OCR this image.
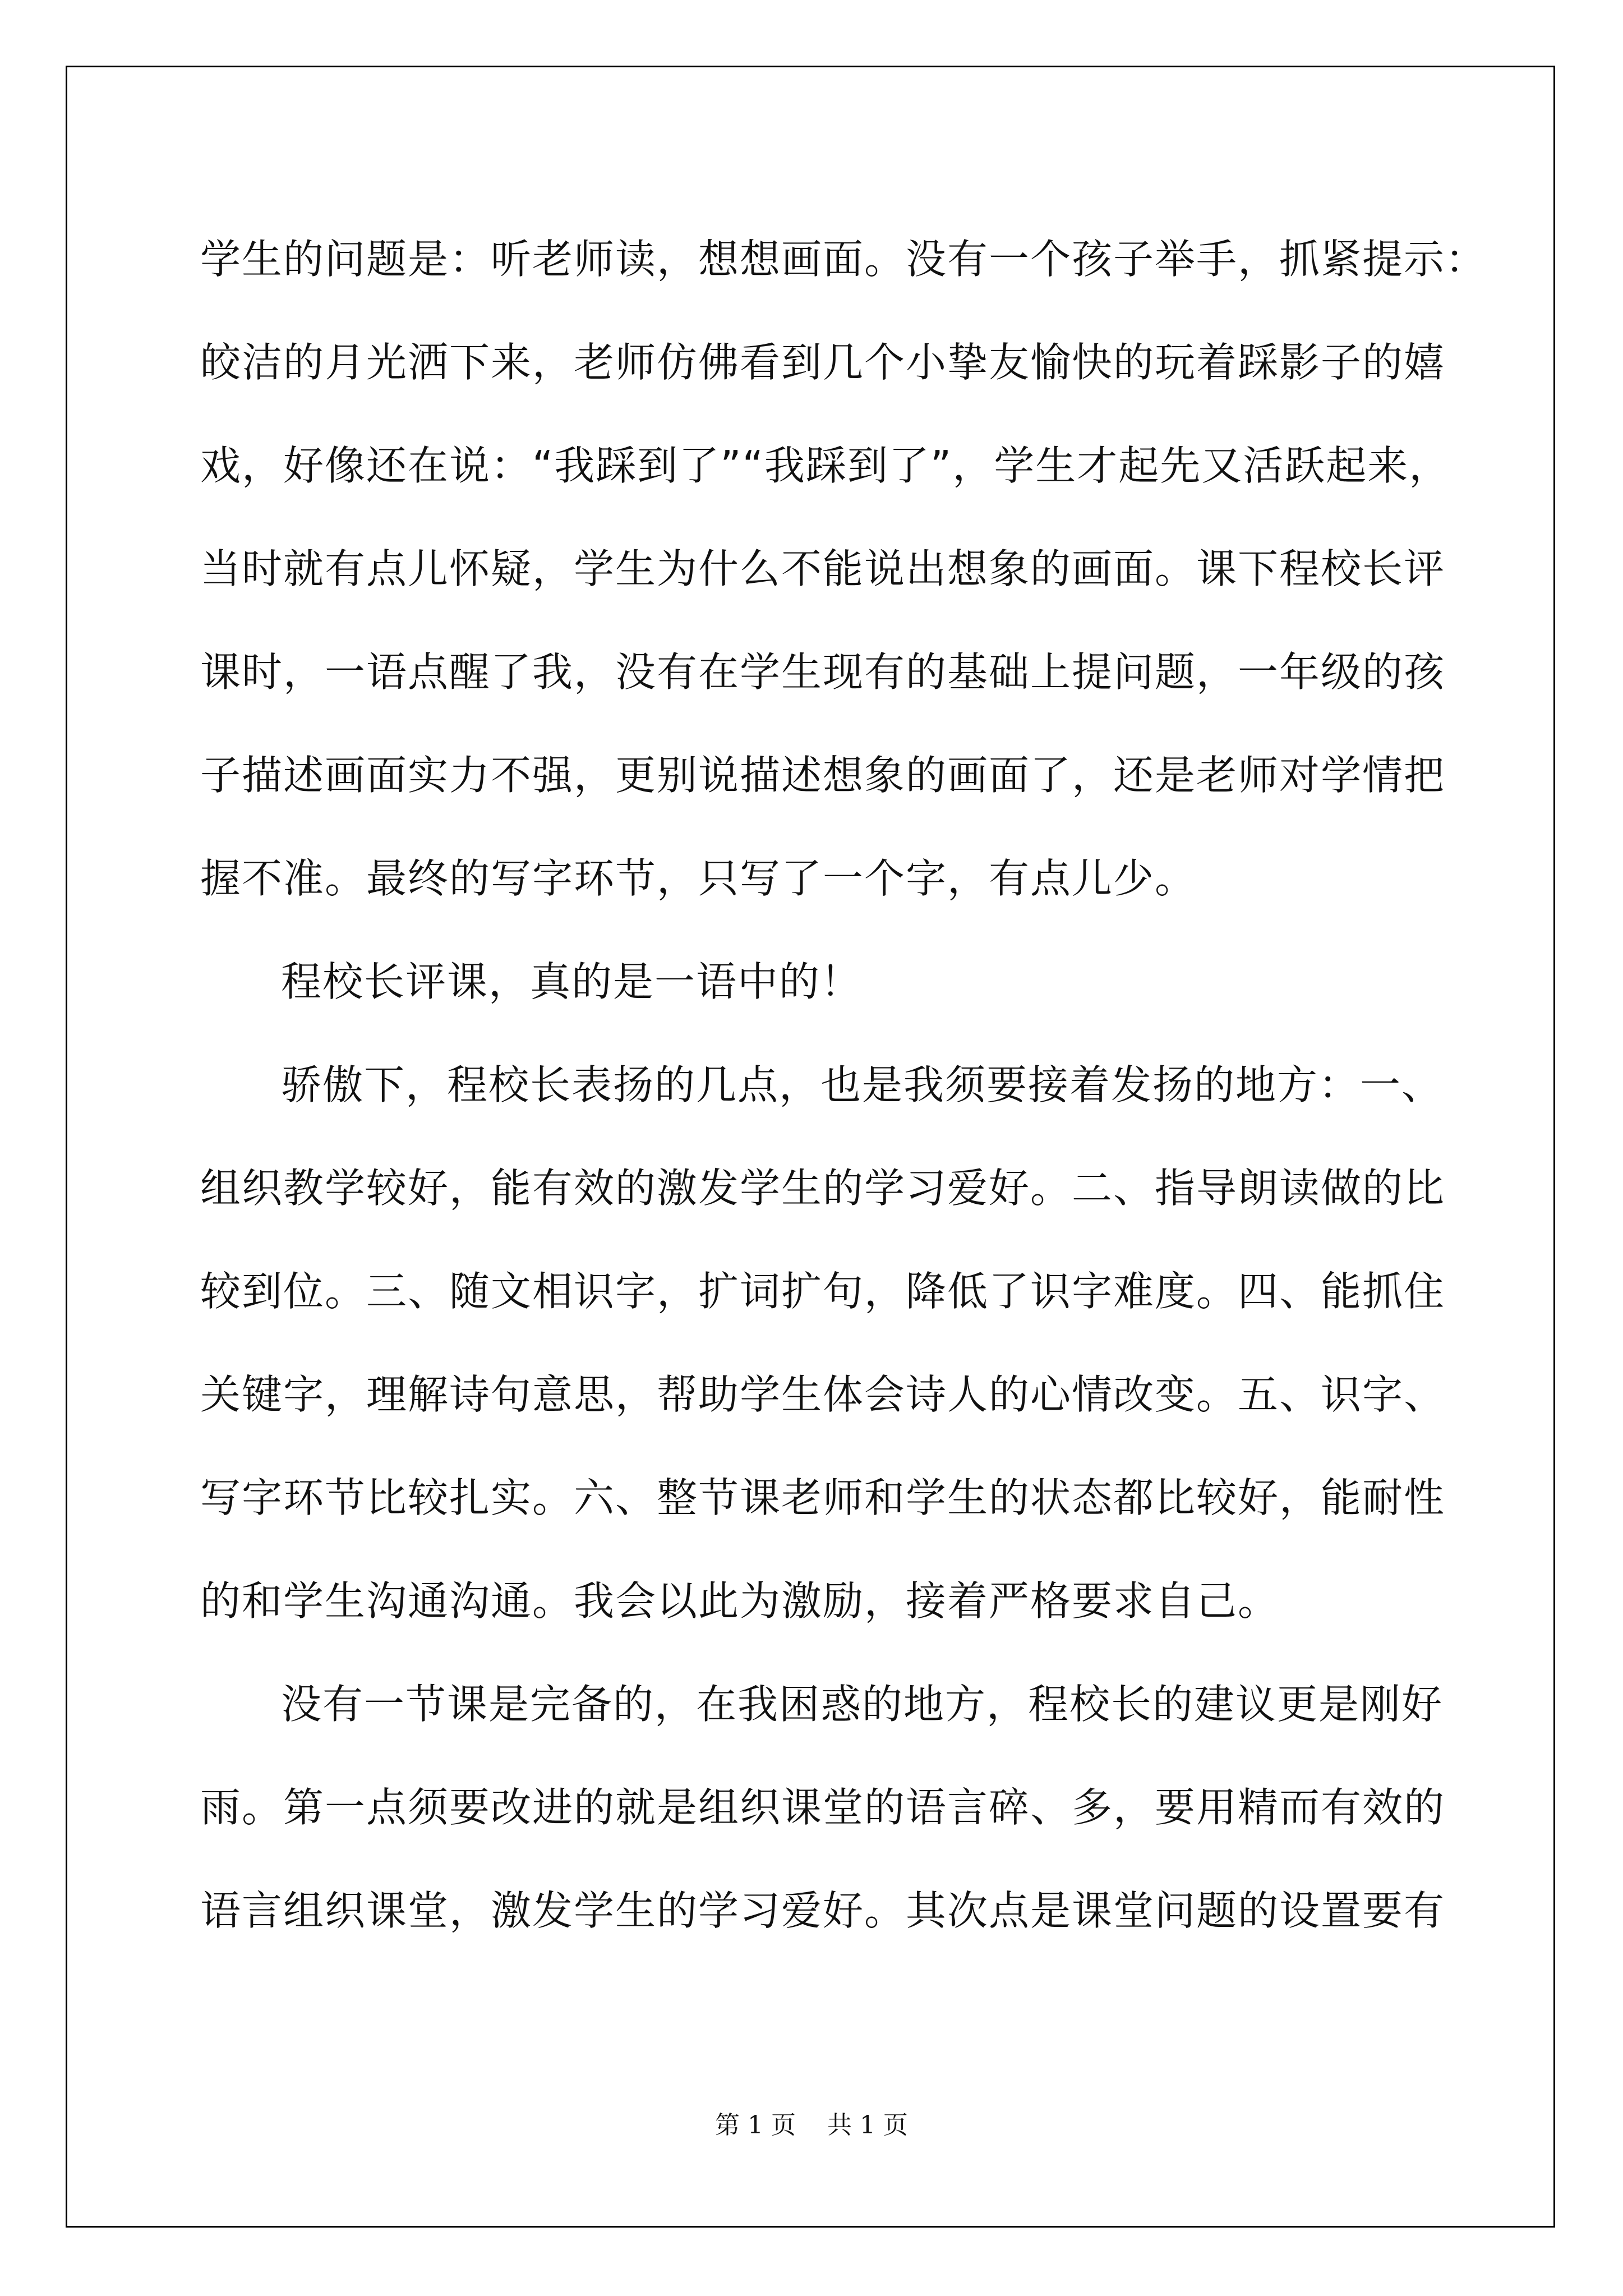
学生的问题是：听老师读，想想画面。没有一个孩子举手，抓紧提示：
皎洁的月光洒下来，老师仿佛看到几个小挚友愉快的玩着踩影子的嬉
戏，好像还在说：“我踩到了”“我踩到了”，学生才起先又活跃起来，
当时就有点儿怀疑，学生为什么不能说出想象的画面。课下程校长评
课时，一语点醒了我，没有在学生现有的基础上提问题，一年级的孩
子描述画面实力不强，更别说描述想象的画面了，还是老师对学情把
握不准。最终的写字环节，只写了一个字，有点儿少。
程校长评课，真的是一语中的！
骄傲下，程校长表扬的几点，也是我须要接着发扬的地方：一、
组织教学较好，能有效的激发学生的学习爱好。二、指导朗读做的比
较到位。三、随文相识字，扩词扩句，降低了识字难度。四、能抓住
关键字，理解诗句意思，帮助学生体会诗人的心情改变。五、识字、
写字环节比较扎实。六、整节课老师和学生的状态都比较好，能耐性
的和学生沟通沟通。我会以此为激励，接着严格要求自己。
没有一节课是完备的，在我困惑的地方，程校长的建议更是刚好
雨。第一点须要改进的就是组织课堂的语言碎、多，要用精而有效的
语言组织课堂，激发学生的学习爱好。其次点是课堂问题的设置要有
第 1 页 共 1 页
